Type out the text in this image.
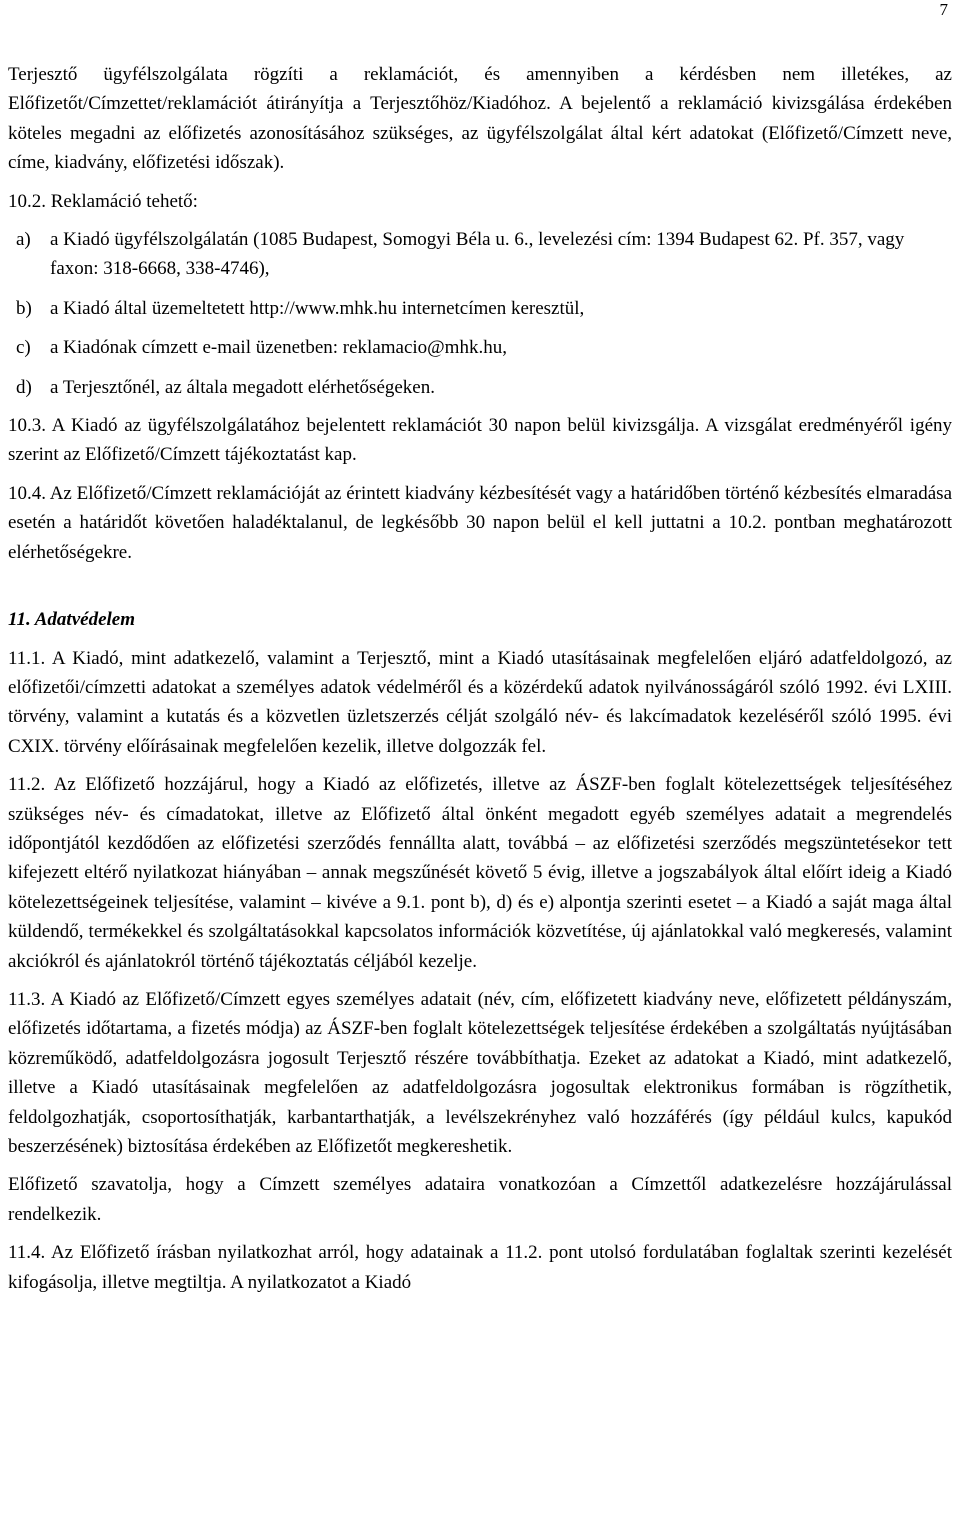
7

Terjesztő ügyfélszolgálata rögzíti a reklamációt, és amennyiben a kérdésben nem illetékes, az Előfizetőt/Címzettet/reklamációt átirányítja a Terjesztőhöz/Kiadóhoz. A bejelentő a reklamáció kivizsgálása érdekében köteles megadni az előfizetés azonosításához szükséges, az ügyfélszolgálat által kért adatokat (Előfizető/Címzett neve, címe, kiadvány, előfizetési időszak).

10.2. Reklamáció tehető:

a)	a Kiadó ügyfélszolgálatán (1085 Budapest, Somogyi Béla u. 6., levelezési cím: 1394 Budapest 62. Pf. 357, vagy faxon: 318-6668, 338-4746),
b) a Kiadó által üzemeltetett http://www.mhk.hu internetcímen keresztül,
c)	a Kiadónak címzett e-mail üzenetben: reklamacio@mhk.hu,
d) a Terjesztőnél, az általa megadott elérhetőségeken.

10.3. A Kiadó az ügyfélszolgálatához bejelentett reklamációt 30 napon belül kivizsgálja. A vizsgálat eredményéről igény szerint az Előfizető/Címzett tájékoztatást kap.

10.4. Az Előfizető/Címzett reklamációját az érintett kiadvány kézbesítését vagy a határidőben történő kézbesítés elmaradása esetén a határidőt követően haladéktalanul, de legkésőbb 30 napon belül el kell juttatni a 10.2. pontban meghatározott elérhetőségekre.

11. Adatvédelem

11.1. A Kiadó, mint adatkezelő, valamint a Terjesztő, mint a Kiadó utasításainak megfelelően eljáró adatfeldolgozó, az előfizetői/címzetti adatokat a személyes adatok védelméről és a közérdekű adatok nyilvánosságáról szóló 1992. évi LXIII. törvény, valamint a kutatás és a közvetlen üzletszerzés célját szolgáló név- és lakcímadatok kezeléséről szóló 1995. évi CXIX. törvény előírásainak megfelelően kezelik, illetve dolgozzák fel.

11.2. Az Előfizető hozzájárul, hogy a Kiadó az előfizetés, illetve az ÁSZF-ben foglalt kötelezettségek teljesítéséhez szükséges név- és címadatokat, illetve az Előfizető által önként megadott egyéb személyes adatait a megrendelés időpontjától kezdődően az előfizetési szerződés fennállta alatt, továbbá – az előfizetési szerződés megszüntetésekor tett kifejezett eltérő nyilatkozat hiányában – annak megszűnését követő 5 évig, illetve a jogszabályok által előírt ideig a Kiadó kötelezettségeinek teljesítése, valamint – kivéve a 9.1. pont b), d) és e) alpontja szerinti esetet – a Kiadó a saját maga által küldendő, termékekkel és szolgáltatásokkal kapcsolatos információk közvetítése, új ajánlatokkal való megkeresés, valamint akciókról és ajánlatokról történő tájékoztatás céljából kezelje.

11.3. A Kiadó az Előfizető/Címzett egyes személyes adatait (név, cím, előfizetett kiadvány neve, előfizetett példányszám, előfizetés időtartama, a fizetés módja) az ÁSZF-ben foglalt kötelezettségek teljesítése érdekében a szolgáltatás nyújtásában közreműködő, adatfeldolgozásra jogosult Terjesztő részére továbbíthatja. Ezeket az adatokat a Kiadó, mint adatkezelő, illetve a Kiadó utasításainak megfelelően az adatfeldolgozásra jogosultak elektronikus formában is rögzíthetik, feldolgozhatják, csoportosíthatják, karbantarthatják, a levélszekrényhez való hozzáférés (így például kulcs, kapukód beszerzésének) biztosítása érdekében az Előfizetőt megkereshetik.

Előfizető szavatolja, hogy a Címzett személyes adataira vonatkozóan a Címzettől adatkezelésre hozzájárulással rendelkezik.

11.4. Az Előfizető írásban nyilatkozhat arról, hogy adatainak a 11.2. pont utolsó fordulatában foglaltak szerinti kezelését kifogásolja, illetve megtiltja. A nyilatkozatot a Kiadó
